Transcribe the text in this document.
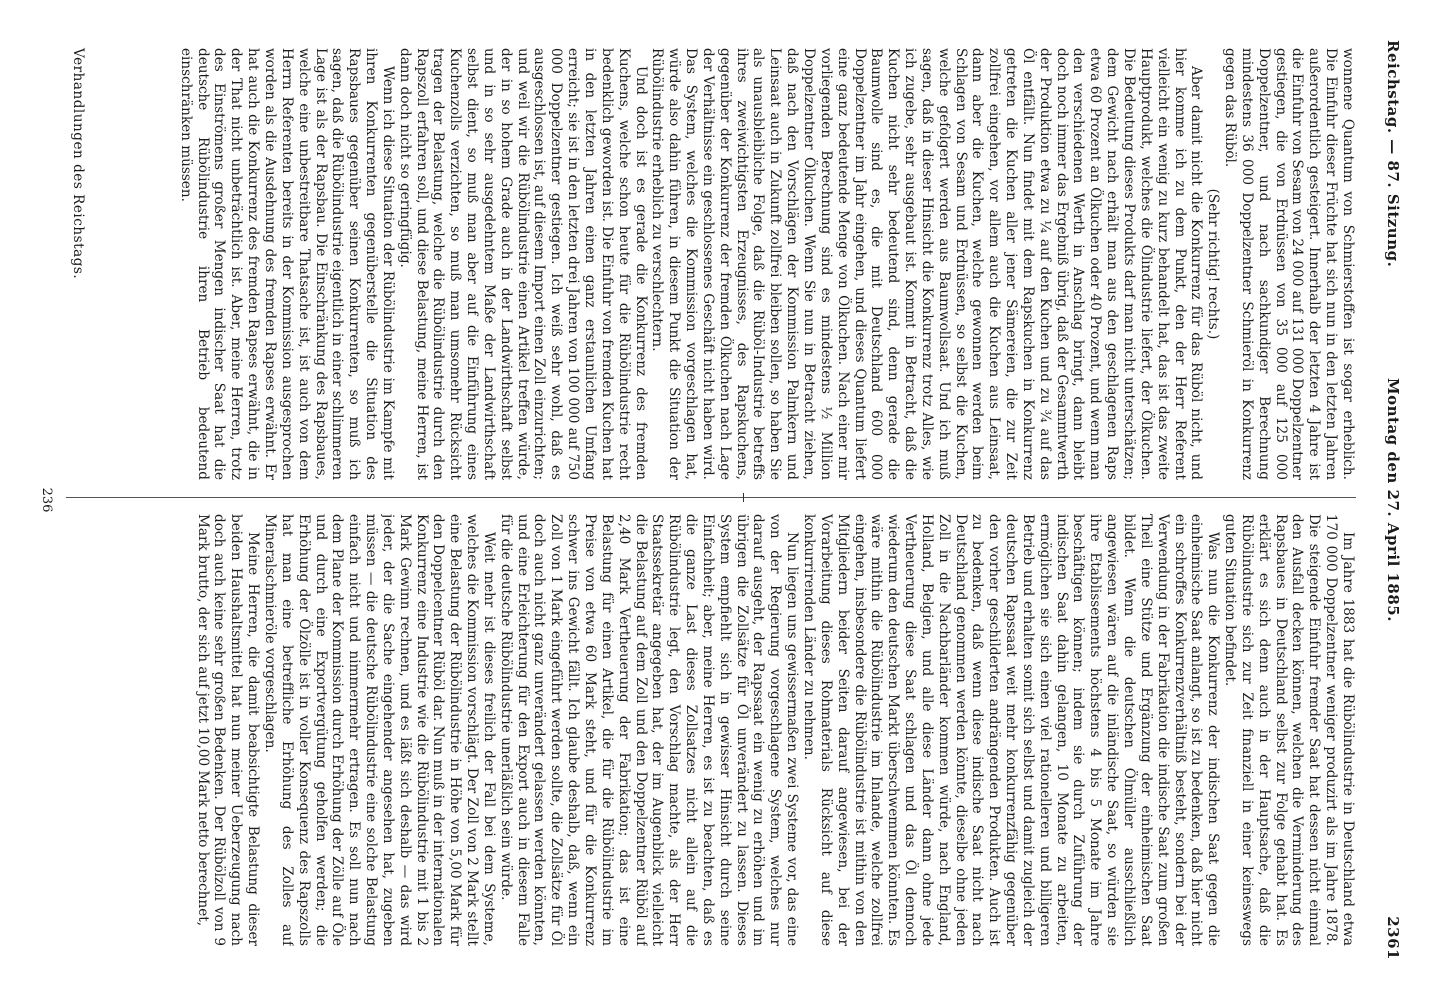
Reichstag. — 87. Sitzung.
Montag den 27. April 1885.
2361

wonnene Quantum von Schmierstoffen ist sogar erheblich. Die Einfuhr dieser Früchte hat sich nun in den letzten Jahren außerordentlich gesteigert. Innerhalb der letzten 4 Jahre ist die Einfuhr von Sesam von 24 000 auf 131 000 Doppelzentner gestiegen, die von Erdnüssen von 35 000 auf 125 000 Doppelzentner, und nach sachkundiger Berechnung mindestens 36 000 Doppelzentner Schmieröl in Konkurrenz gegen das Rüböl.

(Sehr richtig! rechts.)

Aber damit nicht die Konkurrenz für das Rüböl nicht, und hier komme ich zu dem Punkt, den der Herr Referent vielleicht ein wenig zu kurz behandelt hat, das ist das zweite Hauptprodukt, welches die Ölindustrie liefert, der Ölkuchen. Die Bedeutung dieses Produkts darf man nicht unterschätzen; dem Gewicht nach erhält man aus den geschlagenen Raps etwa 60 Prozent an Ölkuchen oder 40 Prozent, und wenn man den verschiedenen Werth in Anschlag bringt, dann bleibt doch noch immer das Ergebniß übrig, daß der Gesammtwerth der Produktion etwa zu ¼ auf den Kuchen und zu ¾ auf das Öl entfällt. Nun findet mit dem Rapskuchen in Konkurrenz getreten die Kuchen aller jener Sämereien, die zur Zeit zollfrei eingehen, vor allem auch die Kuchen aus Leinsaat, dann aber die Kuchen, welche gewonnen werden beim Schlagen von Sesam und Erdnüssen, so selbst die Kuchen, welche gefolgert werden aus Baumwollsaat. Und ich muß sagen, daß in dieser Hinsicht die Konkurrenz trotz Alles, wie ich zugebe, sehr ausgebaut ist. Kommt in Betracht, daß die Kuchen nicht sehr bedeutend sind, denn gerade die Baumwolle sind es, die mit Deutschland 600 000 Doppelzentner im Jahr eingehen, und dieses Quantum liefert eine ganz bedeutende Menge von Ölkuchen. Nach einer mir vorliegenden Berechnung sind es mindestens ½ Million Doppelzentner Ölkuchen. Wenn Sie nun in Betracht ziehen, daß nach den Vorschlägen der Kommission Palmkern und Leinsaat auch in Zukunft zollfrei bleiben sollen, so haben Sie als unausbleibliche Folge, daß die Rüböl-Industrie betreffs ihres zweiwichtigsten Erzeugnisses, des Rapskuchens, gegenüber der Konkurrenz der fremden Ölkuchen nach Lage der Verhältnisse ein geschlossenes Geschäft nicht haben wird. Das System, welches die Kommission vorgeschlagen hat, würde also dahin führen, in diesem Punkt die Situation der Rübölindustrie erheblich zu verschlechtern.

Und doch ist es gerade die Konkurrenz des fremden Kuchens, welche schon heute für die Rübölindustrie recht bedenklich geworden ist. Die Einfuhr von fremden Kuchen hat in den letzten Jahren einen ganz erstaunlichen Umfang erreicht; sie ist in den letzten drei Jahren von 100 000 auf 750 000 Doppelzentner gestiegen. Ich weiß sehr wohl, daß es ausgeschlossen ist, auf diesem Import einen Zoll einzurichten; und weil wir die Rübölindustrie einen Artikel treffen würde, der in so hohem Grade auch in der Landwirthschaft selbst und in so sehr ausgedehntem Maße der Landwirthschaft selbst dient, so muß man aber auf die Einführung eines Kuchenzolls verzichten, so muß man umsomehr Rücksicht tragen der Belastung, welche die Rübölindustrie durch den Rapszoll erfahren soll, und diese Belastung, meine Herren, ist dann doch nicht so geringfügig.

Wenn ich diese Situation der Rübölindustrie im Kampfe mit ihren Konkurrenten gegenüberstelle die Situation des Rapsbaues gegenüber seinen Konkurrenten, so muß ich sagen, daß die Rübölindustrie eigentlich in einer schlimmeren Lage ist als der Rapsbau. Die Einschränkung des Rapsbaues, welche eine unbestreitbare Thatsache ist, ist auch von dem Herrn Referenten bereits in der Kommission ausgesprochen worden als die Ausdehnung des fremden Rapses erwähnt. Er hat auch die Konkurrenz des fremden Rapses erwähnt, die in der That nicht unbeträchtlich ist. Aber, meine Herren, trotz des Einströmens großer Mengen indischer Saat hat die deutsche Rübölindustrie ihren Betrieb bedeutend einschränken müssen.

Verhandlungen des Reichstags.

Im Jahre 1883 hat die Rübölindustrie in Deutschland etwa 170 000 Doppelzentner weniger produzirt als im Jahre 1878. Die steigende Einfuhr fremder Saat hat dessen nicht einmal den Ausfall decken können, welchen die Verminderung des Rapsbaues in Deutschland selbst zur Folge gehabt hat. Es erklärt es sich denn auch in der Hauptsache, daß die Rübölindustrie sich zur Zeit finanziell in einer keineswegs guten Situation befindet.

Was nun die Konkurrenz der indischen Saat gegen die einheimische Saat anlangt, so ist zu bedenken, daß hier nicht ein schroffes Konkurrenzverhältniß besteht, sondern bei der Verwendung in der Fabrikation die indische Saat zum großen Theil eine Stütze und Ergänzung der einheimischen Saat bildet. Wenn die deutschen Ölmüller ausschließlich angewiesen wären auf die inländische Saat, so würden sie ihre Etablissements höchstens 4 bis 5 Monate im Jahre beschäftigen können; indem sie durch Zuführung der indischen Saat dahin gelangen, 10 Monate zu arbeiten, ermöglichen sie sich einen viel rationelleren und billigeren Betrieb und erhalten somit sich selbst und damit zugleich der deutschen Rapssaat weit mehr konkurrenzfähig gegenüber den vorher geschilderten andrängenden Produkten. Auch ist zu bedenken, daß wenn diese indische Saat nicht nach Deutschland genommen werden könnte, dieselbe ohne jeden Zoll in die Nachbarländer kommen würde, nach England, Holland, Belgien, und alle diese Länder dann ohne jede Vertheuerung diese Saat schlagen und das Öl dennoch wiederum den deutschen Markt überschwemmen könnten. Es wäre mithin die Rübölindustrie im Inlande, welche zollfrei eingehen, insbesondere die Rübölindustrie ist mithin von den Mitgliedern beider Seiten darauf angewiesen, bei der Vorarbeitung dieses Rohmaterials Rücksicht auf diese konkurrirenden Länder zu nehmen.

Nun liegen uns gewissermaßen zwei Systeme vor, das eine von der Regierung vorgeschlagene System, welches nur darauf ausgeht, der Rapssaat ein wenig zu erhöhen und im übrigen die Zollsätze für Öl unverändert zu lassen. Dieses System empfiehlt sich in gewisser Hinsicht durch seine Einfachheit; aber, meine Herren, es ist zu beachten, daß es die ganze Last dieses Zollsatzes nicht allein auf die Rübölindustrie legt, den Vorschlag machte, als der Herr Staatssekretär angegeben hat, der im Augenblick vielleicht die Belastung auf dem Zoll und den Doppelzentner Rüböl auf 2,40 Mark Vertheuerung der Fabrikation; das ist eine Belastung für einen Artikel, die für die Rübölindustrie im Preise von etwa 60 Mark steht, und für die Konkurrenz schwer ins Gewicht fällt. Ich glaube deshalb, daß, wenn ein Zoll von 1 Mark eingeführt werden sollte, die Zollsätze für Öl doch auch nicht ganz unverändert gelassen werden könnten, und eine Erleichterung für den Export auch in diesem Falle für die deutsche Rübölindustrie unerläßlich sein würde.

Weit mehr ist dieses freilich der Fall bei dem Systeme, welches die Kommission vorschlägt. Der Zoll von 2 Mark stellt eine Belastung der Rübölindustrie in Höhe von 5,00 Mark für den Doppelcentner Rüböl dar. Nun muß in der internationalen Konkurrenz eine Industrie wie die Rübölindustrie mit 1 bis 2 Mark Gewinn rechnen, und es läßt sich deshalb — das wird jeder, der die Sache eingehender angesehen hat, zugeben müssen — die deutsche Rübölindustrie eine solche Belastung einfach nicht und nimmermehr ertragen. Es soll nun nach dem Plane der Kommission durch Erhöhung der Zölle auf Öle und durch eine Exportvergütung geholfen werden; die Erhöhung der Ölzölle ist in voller Konsequenz des Rapszolls hat man eine betreffliche Erhöhung des Zolles auf Mineralschmieröle vorgeschlagen.

Meine Herren, die damit beabsichtigte Belastung dieser beiden Haushaltsmittel hat nun meiner Ueberzeugung nach doch auch keine sehr großen Bedenken. Der Rübölzoll von 9 Mark brutto, der sich auf jetzt 10,00 Mark netto berechnet,

236
